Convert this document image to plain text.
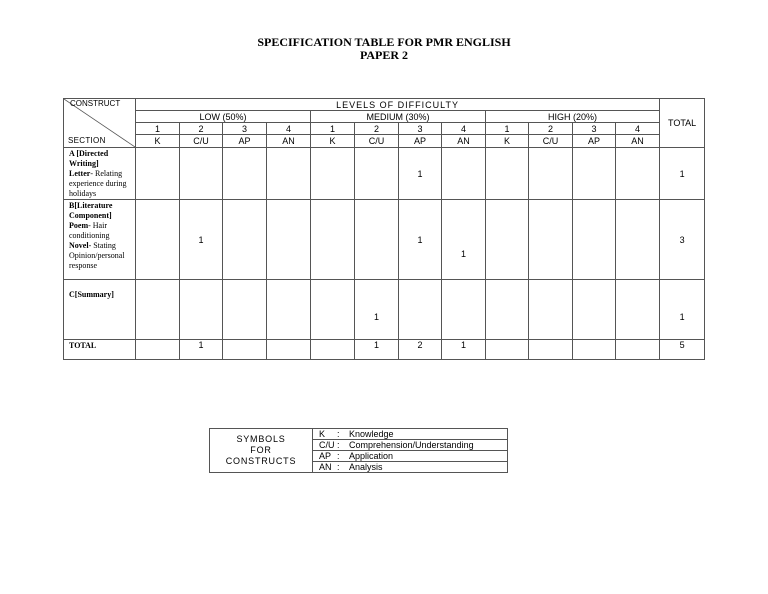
SPECIFICATION TABLE FOR PMR ENGLISH
PAPER 2
CONSTRUCT
SECTION	LEVELS OF DIFFICULTY												TOTAL
	LOW (50%)				MEDIUM (30%)				HIGH (20%)				
	1	2	3	4	1	2	3	4	1	2	3	4	
	K	C/U	AP	AN	K	C/U	AP	AN	K	C/U	AP	AN	
A [Directed
Writing]
Letter- Relating experience during holidays							1						1
B[Literature
Component]
Poem- Hair conditioning
Novel- Stating Opinion/personal response		1					1	1					3
C[Summary]						1							1
TOTAL		1				1	2	1					5
SYMBOLS
FOR
CONSTRUCTS	K : Knowledge
C/U : Comprehension/Understanding
AP : Application
AN : Analysis
